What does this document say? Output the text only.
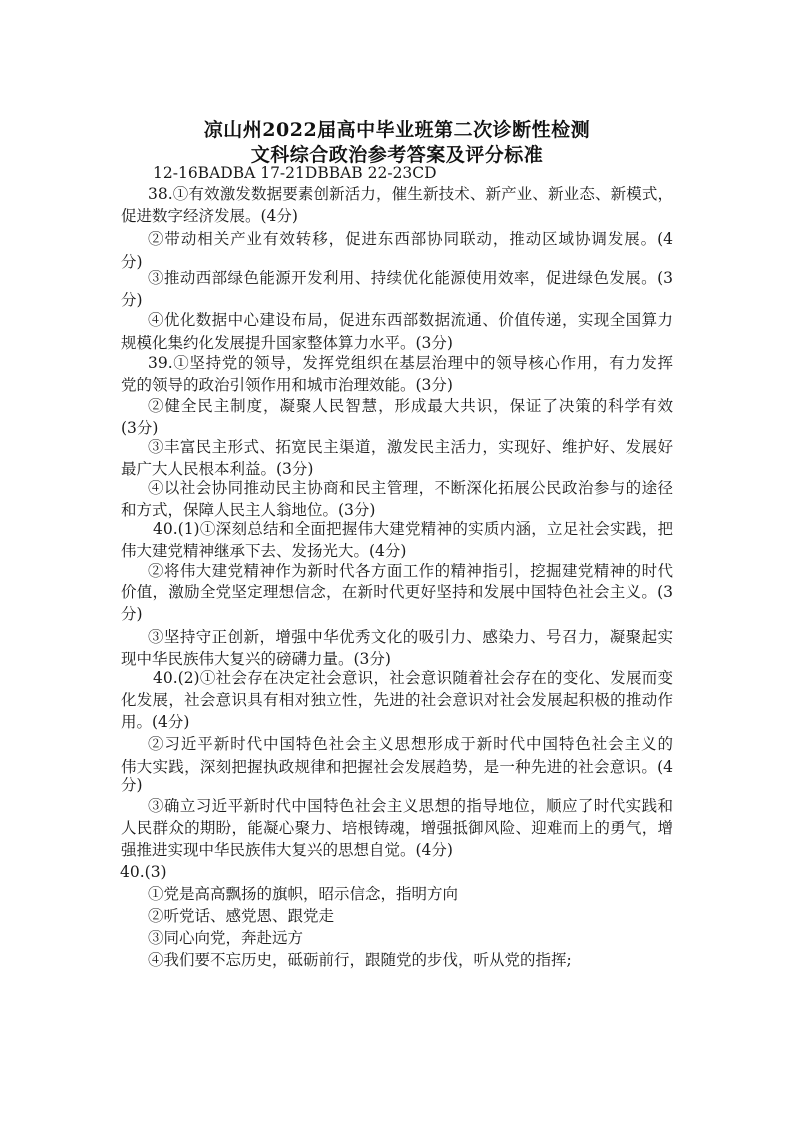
凉山州2022届高中毕业班第二次诊断性检测
文科综合政治参考答案及评分标准
12-16BADBA 17-21DBBAB 22-23CD
38.①有效激发数据要素创新活力，催生新技术、新产业、新业态、新模式，
促进数字经济发展。(4分)
②带动相关产业有效转移，促进东西部协同联动，推动区域协调发展。(4
分)
③推动西部绿色能源开发利用、持续优化能源使用效率，促进绿色发展。(3
分)
④优化数据中心建设布局，促进东西部数据流通、价值传递，实现全国算力
规模化集约化发展提升国家整体算力水平。(3分)
39.①坚持党的领导，发挥党组织在基层治理中的领导核心作用，有力发挥
党的领导的政治引领作用和城市治理效能。(3分)
②健全民主制度，凝聚人民智慧，形成最大共识，保证了决策的科学有效
(3分)
③丰富民主形式、拓宽民主渠道，激发民主活力，实现好、维护好、发展好
最广大人民根本利益。(3分)
④以社会协同推动民主协商和民主管理，不断深化拓展公民政治参与的途径
和方式，保障人民主人翁地位。(3分)
40.(1)①深刻总结和全面把握伟大建党精神的实质内涵，立足社会实践，把
伟大建党精神继承下去、发扬光大。(4分)
②将伟大建党精神作为新时代各方面工作的精神指引，挖掘建党精神的时代
价值，激励全党坚定理想信念，在新时代更好坚持和发展中国特色社会主义。(3
分)
③坚持守正创新，增强中华优秀文化的吸引力、感染力、号召力，凝聚起实
现中华民族伟大复兴的磅礴力量。(3分)
40.(2)①社会存在决定社会意识，社会意识随着社会存在的变化、发展而变
化发展，社会意识具有相对独立性，先进的社会意识对社会发展起积极的推动作
用。(4分)
②习近平新时代中国特色社会主义思想形成于新时代中国特色社会主义的
伟大实践，深刻把握执政规律和把握社会发展趋势，是一种先进的社会意识。(4
分)
③确立习近平新时代中国特色社会主义思想的指导地位，顺应了时代实践和
人民群众的期盼，能凝心聚力、培根铸魂，增强抵御风险、迎难而上的勇气，增
强推进实现中华民族伟大复兴的思想自觉。(4分)
40.(3)
①党是高高飘扬的旗帜，昭示信念，指明方向
②听党话、感党恩、跟党走
③同心向党，奔赴远方
④我们要不忘历史，砥砺前行，跟随党的步伐，听从党的指挥;
